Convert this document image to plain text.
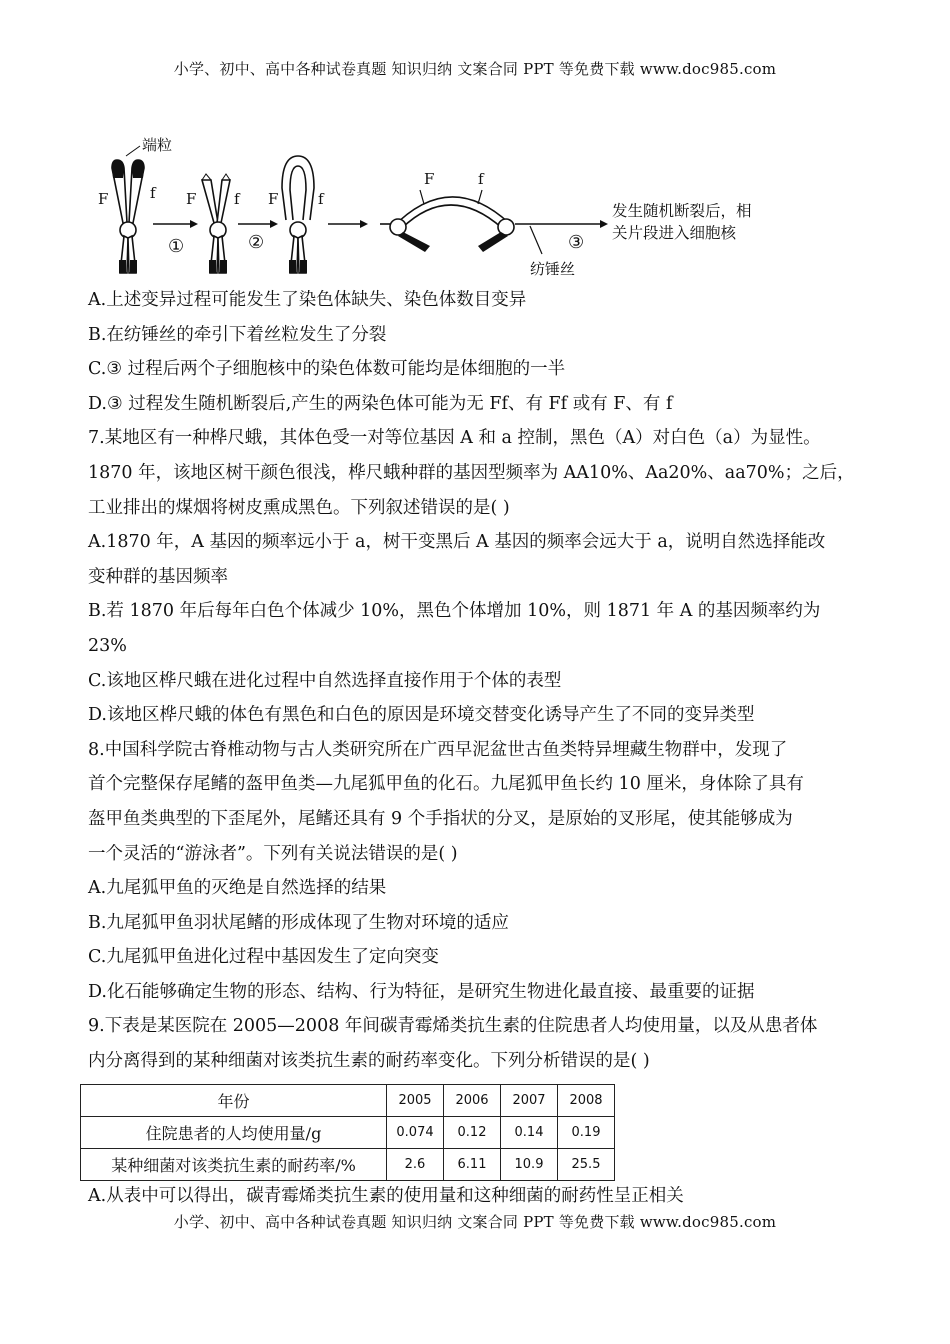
小学、初中、高中各种试卷真题 知识归纳 文案合同 PPT 等免费下载 www.doc985.com
端粒
F	f
①
F	f
②
F	f
F	f
纺锤丝
③
发生随机断裂后，相
关片段进入细胞核
A.上述变异过程可能发生了染色体缺失、染色体数目变异
B.在纺锤丝的牵引下着丝粒发生了分裂
C.③ 过程后两个子细胞核中的染色体数可能均是体细胞的一半
D.③ 过程发生随机断裂后,产生的两染色体可能为无 Ff、有 Ff 或有 F、有 f
7.某地区有一种桦尺蛾，其体色受一对等位基因 A 和 a 控制，黑色（A）对白色（a）为显性。
1870 年，该地区树干颜色很浅，桦尺蛾种群的基因型频率为 AA10%、Aa20%、aa70%；之后，
工业排出的煤烟将树皮熏成黑色。下列叙述错误的是( )
A.1870 年，A 基因的频率远小于 a，树干变黑后 A 基因的频率会远大于 a，说明自然选择能改
变种群的基因频率
B.若 1870 年后每年白色个体减少 10%，黑色个体增加 10%，则 1871 年 A 的基因频率约为
23%
C.该地区桦尺蛾在进化过程中自然选择直接作用于个体的表型
D.该地区桦尺蛾的体色有黑色和白色的原因是环境交替变化诱导产生了不同的变异类型
8.中国科学院古脊椎动物与古人类研究所在广西早泥盆世古鱼类特异埋藏生物群中，发现了
首个完整保存尾鳍的盔甲鱼类—九尾狐甲鱼的化石。九尾狐甲鱼长约 10 厘米，身体除了具有
盔甲鱼类典型的下歪尾外，尾鳍还具有 9 个手指状的分叉，是原始的叉形尾，使其能够成为
一个灵活的“游泳者”。下列有关说法错误的是( )
A.九尾狐甲鱼的灭绝是自然选择的结果
B.九尾狐甲鱼羽状尾鳍的形成体现了生物对环境的适应
C.九尾狐甲鱼进化过程中基因发生了定向突变
D.化石能够确定生物的形态、结构、行为特征，是研究生物进化最直接、最重要的证据
9.下表是某医院在 2005—2008 年间碳青霉烯类抗生素的住院患者人均使用量，以及从患者体
内分离得到的某种细菌对该类抗生素的耐药率变化。下列分析错误的是( )
年份	2005	2006	2007	2008
住院患者的人均使用量/g	0.074	0.12	0.14	0.19
某种细菌对该类抗生素的耐药率/%	2.6	6.11	10.9	25.5
A.从表中可以得出，碳青霉烯类抗生素的使用量和这种细菌的耐药性呈正相关
小学、初中、高中各种试卷真题 知识归纳 文案合同 PPT 等免费下载 www.doc985.com
